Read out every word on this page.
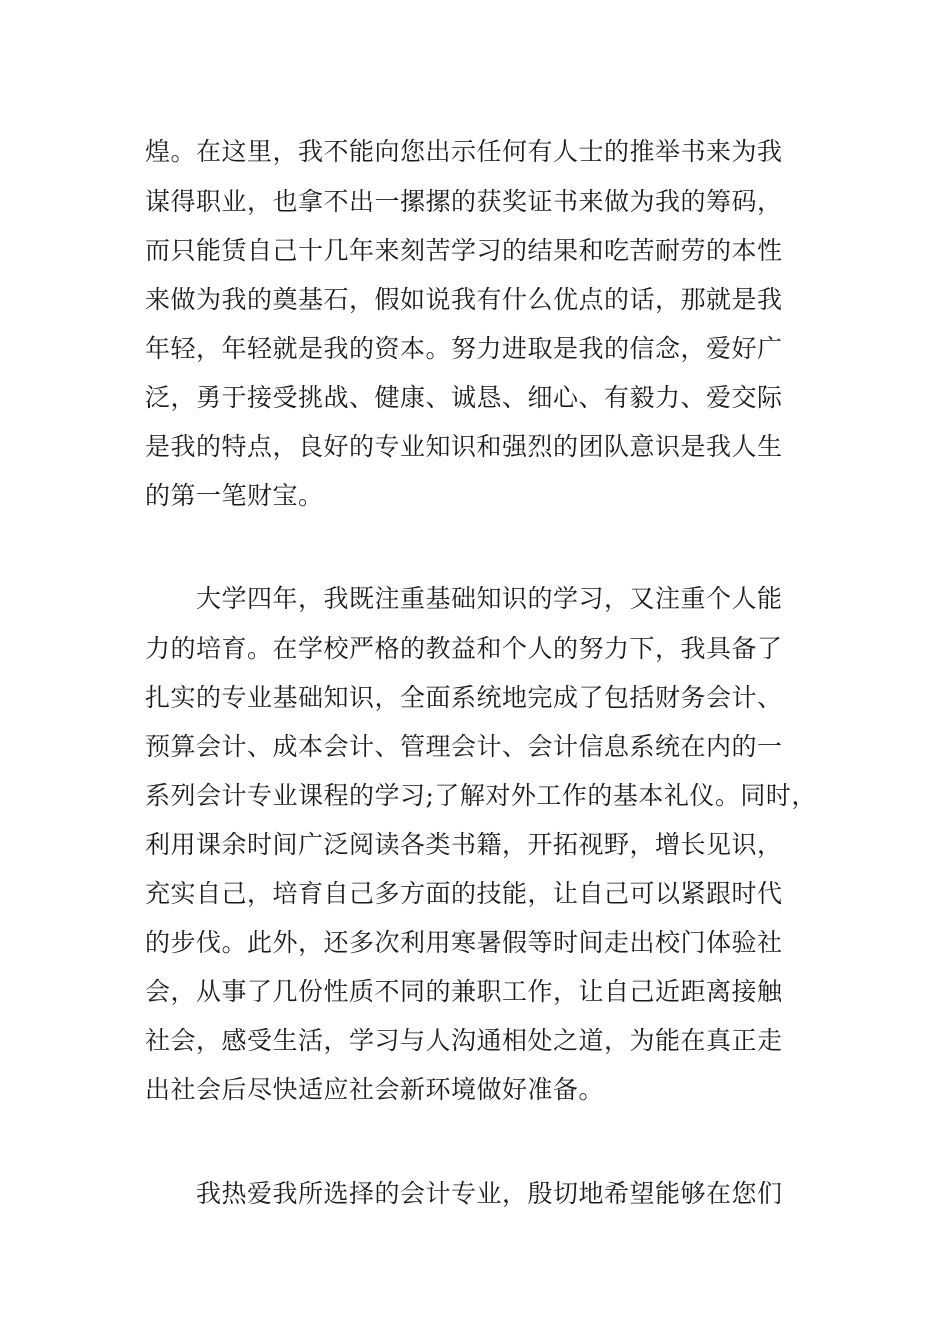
煌。在这里，我不能向您出示任何有人士的推举书来为我
谋得职业，也拿不出一摞摞的获奖证书来做为我的筹码，
而只能赁自己十几年来刻苦学习的结果和吃苦耐劳的本性
来做为我的奠基石，假如说我有什么优点的话，那就是我
年轻，年轻就是我的资本。努力进取是我的信念，爱好广
泛，勇于接受挑战、健康、诚恳、细心、有毅力、爱交际
是我的特点，良好的专业知识和强烈的团队意识是我人生
的第一笔财宝。
大学四年，我既注重基础知识的学习，又注重个人能
力的培育。在学校严格的教益和个人的努力下，我具备了
扎实的专业基础知识，全面系统地完成了包括财务会计、
预算会计、成本会计、管理会计、会计信息系统在内的一
系列会计专业课程的学习;了解对外工作的基本礼仪。同时，
利用课余时间广泛阅读各类书籍，开拓视野，增长见识，
充实自己，培育自己多方面的技能，让自己可以紧跟时代
的步伐。此外，还多次利用寒暑假等时间走出校门体验社
会，从事了几份性质不同的兼职工作，让自己近距离接触
社会，感受生活，学习与人沟通相处之道，为能在真正走
出社会后尽快适应社会新环境做好准备。
我热爱我所选择的会计专业，殷切地希望能够在您们
